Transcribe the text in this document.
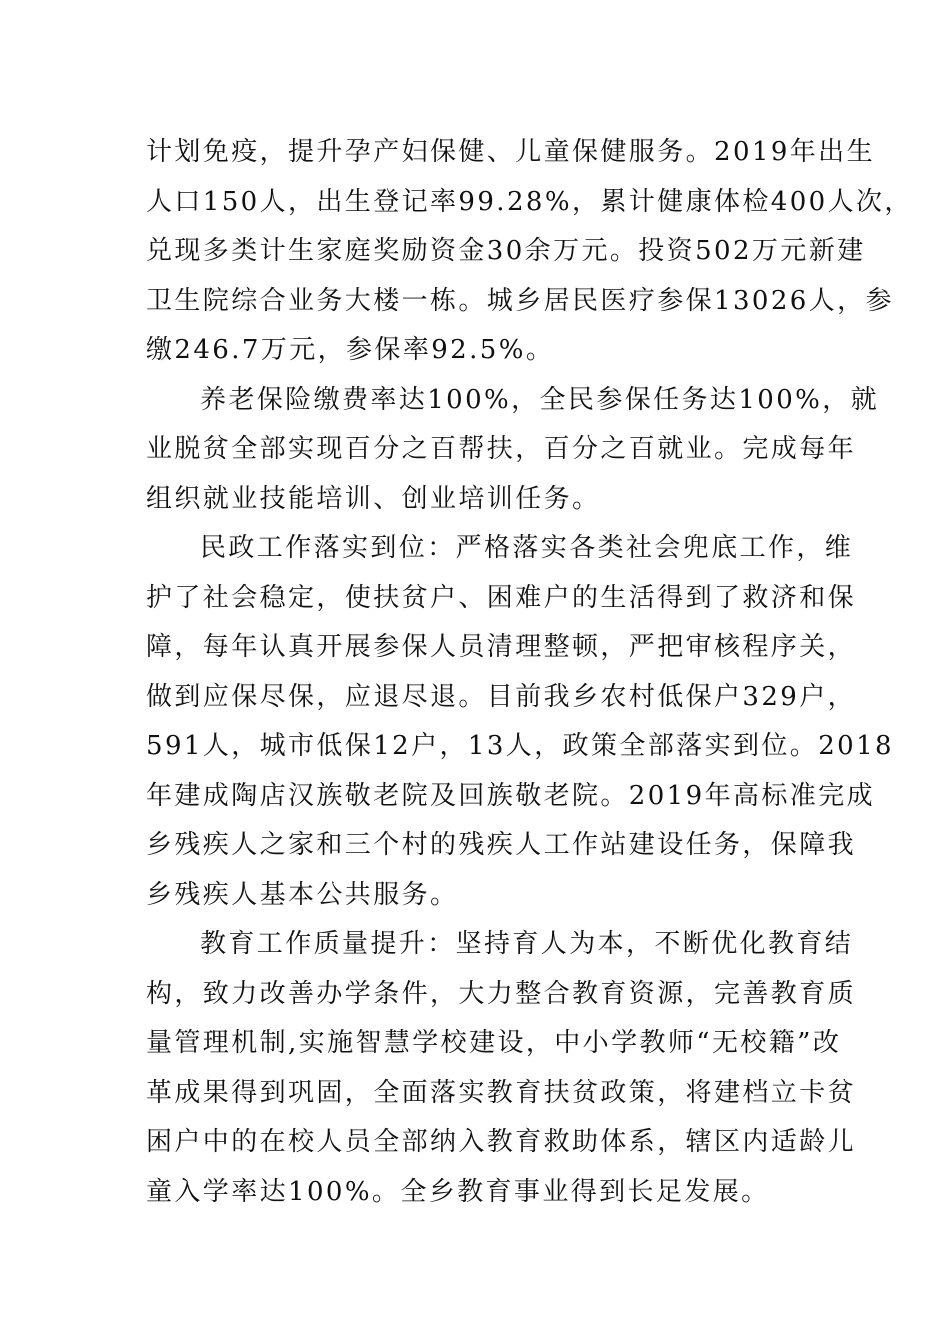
计划免疫，提升孕产妇保健、儿童保健服务。2019年出生
人口150人，出生登记率99.28%，累计健康体检400人次，
兑现多类计生家庭奖励资金30余万元。投资502万元新建
卫生院综合业务大楼一栋。城乡居民医疗参保13026人，参
缴246.7万元，参保率92.5%。
养老保险缴费率达100%，全民参保任务达100%，就
业脱贫全部实现百分之百帮扶，百分之百就业。完成每年
组织就业技能培训、创业培训任务。
民政工作落实到位：严格落实各类社会兜底工作，维
护了社会稳定，使扶贫户、困难户的生活得到了救济和保
障，每年认真开展参保人员清理整顿，严把审核程序关，
做到应保尽保，应退尽退。目前我乡农村低保户329户，
591人，城市低保12户，13人，政策全部落实到位。2018
年建成陶店汉族敬老院及回族敬老院。2019年高标准完成
乡残疾人之家和三个村的残疾人工作站建设任务，保障我
乡残疾人基本公共服务。
教育工作质量提升：坚持育人为本，不断优化教育结
构，致力改善办学条件，大力整合教育资源，完善教育质
量管理机制,实施智慧学校建设，中小学教师“无校籍”改
革成果得到巩固，全面落实教育扶贫政策，将建档立卡贫
困户中的在校人员全部纳入教育救助体系，辖区内适龄儿
童入学率达100%。全乡教育事业得到长足发展。
